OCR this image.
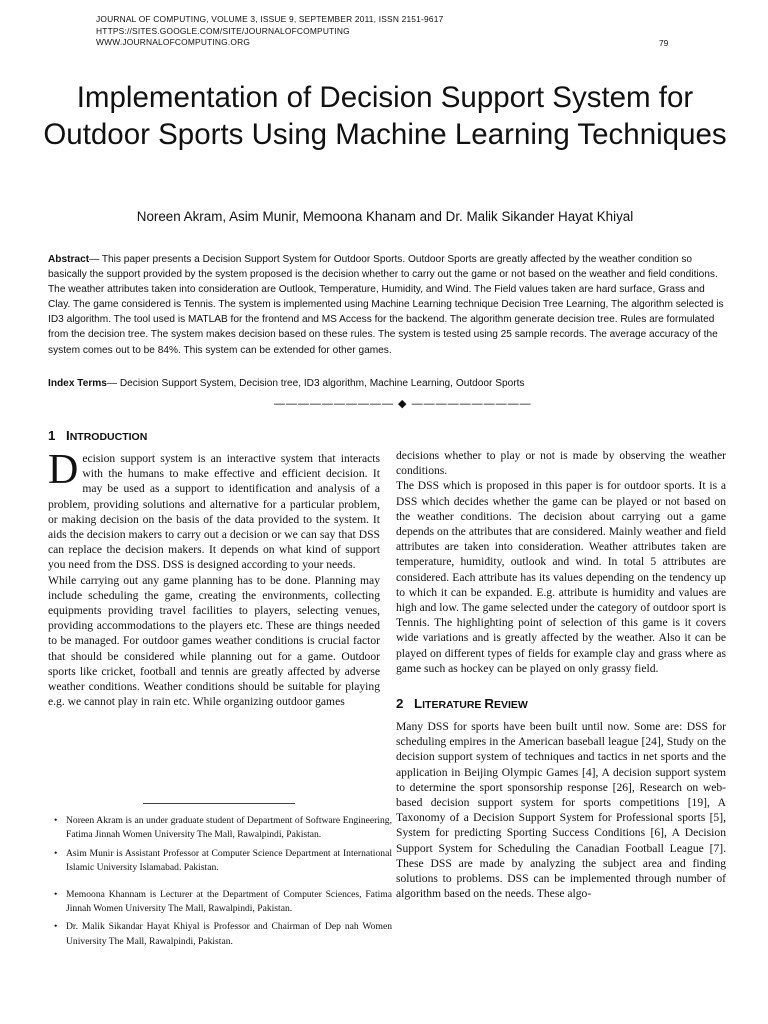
JOURNAL OF COMPUTING, VOLUME 3, ISSUE 9, SEPTEMBER 2011, ISSN 2151-9617
HTTPS://SITES.GOOGLE.COM/SITE/JOURNALOFCOMPUTING
WWW.JOURNALOFCOMPUTING.ORG	79
Implementation of Decision Support System for Outdoor Sports Using Machine Learning Techniques
Noreen Akram, Asim Munir, Memoona Khanam and Dr. Malik Sikander Hayat Khiyal

Abstract— This paper presents a Decision Support System for Outdoor Sports. Outdoor Sports are greatly affected by the weather condition so basically the support provided by the system proposed is the decision whether to carry out the game or not based on the weather and field conditions. The weather attributes taken into consideration are Outlook, Temperature, Humidity, and Wind. The Field values taken are hard surface, Grass and Clay. The game considered is Tennis. The system is implemented using Machine Learning technique Decision Tree Learning, The algorithm selected is ID3 algorithm. The tool used is MATLAB for the frontend and MS Access for the backend. The algorithm generate decision tree. Rules are formulated from the decision tree. The system makes decision based on these rules. The system is tested using 25 sample records. The average accuracy of the system comes out to be 84%. This system can be extended for other games.

Index Terms— Decision Support System, Decision tree, ID3 algorithm, Machine Learning, Outdoor Sports

—————————— ◆ ——————————
1 INTRODUCTION
D ecision support system is an interactive system that interacts with the humans to make effective and efficient decision. It may be used as a support to identification and analysis of a problem, providing solutions and alternative for a particular problem, or making decision on the basis of the data provided to the system. It aids the decision makers to carry out a decision or we can say that DSS can replace the decision makers. It depends on what kind of support you need from the DSS. DSS is designed according to your needs.

While carrying out any game planning has to be done. Planning may include scheduling the game, creating the environments, collecting equipments providing travel facilities to players, selecting venues, providing accommodations to the players etc. These are things needed to be managed. For outdoor games weather conditions is crucial factor that should be considered while planning out for a game. Outdoor sports like cricket, football and tennis are greatly affected by adverse weather conditions. Weather conditions should be suitable for playing e.g. we cannot play in rain etc. While organizing outdoor games

decisions whether to play or not is made by observing the weather conditions.

The DSS which is proposed in this paper is for outdoor sports. It is a DSS which decides whether the game can be played or not based on the weather conditions. The decision about carrying out a game depends on the attributes that are considered. Mainly weather and field attributes are taken into consideration. Weather attributes taken are temperature, humidity, outlook and wind. In total 5 attributes are considered. Each attribute has its values depending on the tendency up to which it can be expanded. E.g. attribute is humidity and values are high and low. The game selected under the category of outdoor sport is Tennis. The highlighting point of selection of this game is it covers wide variations and is greatly affected by the weather. Also it can be played on different types of fields for example clay and grass where as game such as hockey can be played on only grassy field.

2 LITERATURE REVIEW

Many DSS for sports have been built until now. Some are: DSS for scheduling empires in the American baseball league [24], Study on the decision support system of techniques and tactics in net sports and the application in Beijing Olympic Games [4], A decision support system to determine the sport sponsorship response [26], Research on web-based decision support system for sports competitions [19], A Taxonomy of a Decision Support System for Professional sports [5], System for predicting Sporting Success Conditions [6], A Decision Support System for Scheduling the Canadian Football League [7]. These DSS are made by analyzing the subject area and finding solutions to problems. DSS can be implemented through number of algorithm based on the needs. These algo-

• Noreen Akram is an under graduate student of Department of Software Engineering, Fatima Jinnah Women University The Mall, Rawalpindi, Pakistan.

• Asim Munir is Assistant Professor at Computer Science Department at International Islamic University Islamabad. Pakistan.

• Memoona Khannam is Lecturer at the Department of Computer Sciences, Fatima Jinnah Women University The Mall, Rawalpindi, Pakistan.

• Dr. Malik Sikandar Hayat Khiyal is Professor and Chairman of Dep nah Women University The Mall, Rawalpindi, Pakistan.
